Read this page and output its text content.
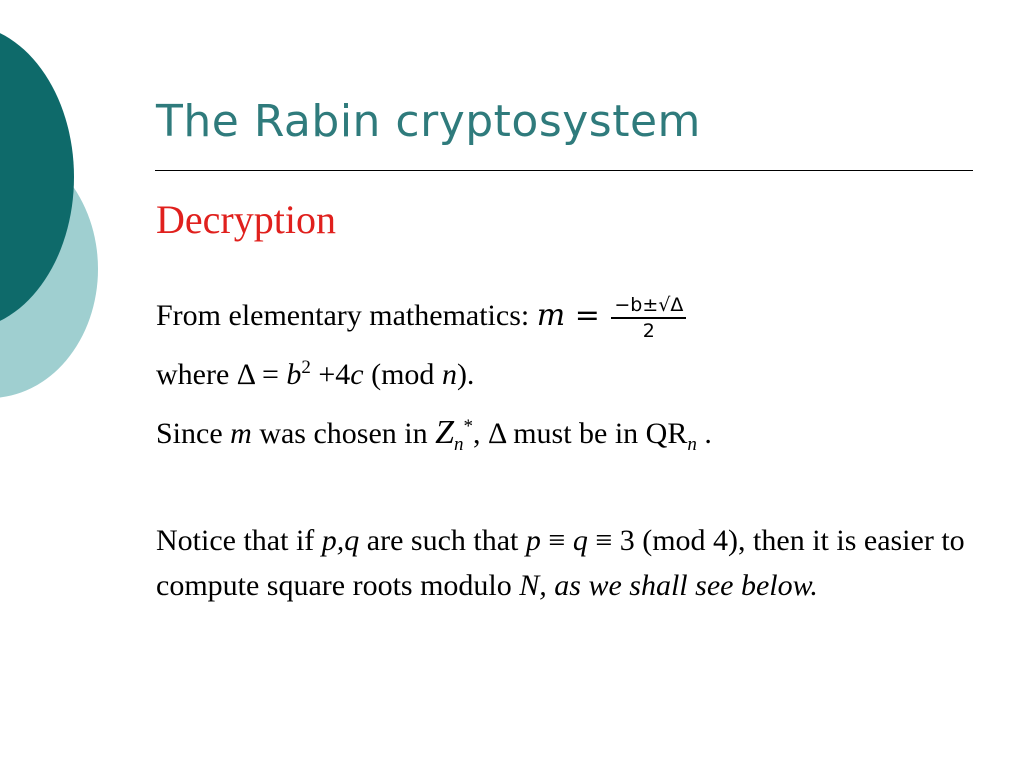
The Rabin cryptosystem
Decryption
From elementary mathematics: $m = \frac{-b\pm√\Delta}{2}$
where $\Delta = b^2 +4c$ (mod n).
Since m was chosen in $Z_n^*$, Δ must be in $QR_n$ .
Notice that if p,q are such that p ≡ q ≡ 3 (mod 4), then it is easier to compute square roots modulo N, as we shall see below.
